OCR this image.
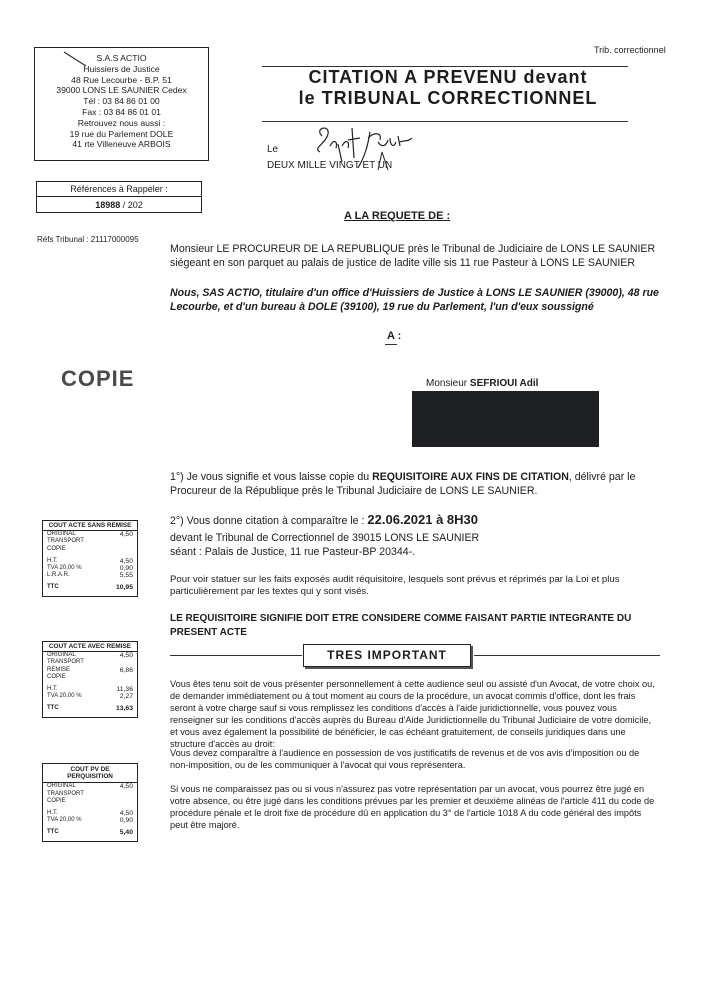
S.A.S ACTIO
Huissiers de Justice
48 Rue Lecourbe - B.P. 51
39000 LONS LE SAUNIER Cedex
Tél : 03 84 86 01 00
Fax : 03 84 86 01 01
Retrouvez nous aussi :
19 rue du Parlement DOLE
41 rte Villeneuve ARBOIS
Trib. correctionnel
CITATION A PREVENU devant
le TRIBUNAL CORRECTIONNEL
Le
DEUX MILLE VINGT ET UN
Références à Rappeler :
18988 / 202
A LA REQUETE DE :
Réfs Tribunal : 21117000095
Monsieur LE PROCUREUR DE LA REPUBLIQUE près le Tribunal de Judiciaire de LONS LE SAUNIER siégeant en son parquet au palais de justice de ladite ville sis 11 rue Pasteur à LONS LE SAUNIER
Nous, SAS ACTIO, titulaire d'un office d'Huissiers de Justice à LONS LE SAUNIER (39000), 48 rue Lecourbe, et d'un bureau à DOLE (39100), 19 rue du Parlement, l'un d'eux soussigné
A :
COPIE	Monsieur SEFRIOUI Adil
1°) Je vous signifie et vous laisse copie du REQUISITOIRE AUX FINS DE CITATION, délivré par le Procureur de la République près le Tribunal Judiciaire de LONS LE SAUNIER.
2°) Vous donne citation à comparaître le : 22.06.2021 à 8H30
devant le Tribunal de Correctionnel de 39015 LONS LE SAUNIER séant : Palais de Justice, 11 rue Pasteur-BP 20344-.
Pour voir statuer sur les faits exposés audit réquisitoire, lesquels sont prévus et réprimés par la Loi et plus particulièrement par les textes qui y sont visés.
LE REQUISITOIRE SIGNIFIE DOIT ETRE CONSIDERE COMME FAISANT PARTIE INTEGRANTE DU PRESENT ACTE
TRES IMPORTANT
Vous êtes tenu soit de vous présenter personnellement à cette audience seul ou assisté d'un Avocat, de votre choix ou, de demander immédiatement ou à tout moment au cours de la procédure, un avocat commis d'office, dont les frais seront à votre charge sauf si vous remplissez les conditions d'accès à l'aide juridictionnelle, vous pouvez vous renseigner sur les conditions d'accès auprès du Bureau d'Aide Juridictionnelle du Tribunal Judiciaire de votre domicile, et vous avez également la possibilité de bénéficier, le cas échéant gratuitement, de conseils juridiques dans une structure d'accès au droit:
Vous devez comparaître à l'audience en possession de vos justificatifs de revenus et de vos avis d'imposition ou de non-imposition, ou de les communiquer à l'avocat qui vous représentera.
Si vous ne comparaissez pas ou si vous n'assurez pas votre représentation par un avocat, vous pourrez être jugé en votre absence, ou être jugé dans les conditions prévues par les premier et deuxième alinéas de l'article 411 du code de procédure pénale et le droit fixe de procédure dû en application du 3° de l'article 1018 A du code général des impôts peut être majoré.
COUT ACTE SANS REMISE
ORIGINAL	4,50
TRANSPORT
COPIE
H.T.	4,50
TVA 20,00 %	0,90
L.R.A.R.	5,55
TTC	10,95
COUT ACTE AVEC REMISE
ORIGINAL	4,50
TRANSPORT
REMISE	6,86
COPIE
H.T.	11,36
TVA 20,00 %	2,27
TTC	13,63
COUT PV DE PERQUISITION
ORIGINAL	4,50
TRANSPORT
COPIE
H.T.	4,50
TVA 20,00 %	0,90
TTC	5,40
